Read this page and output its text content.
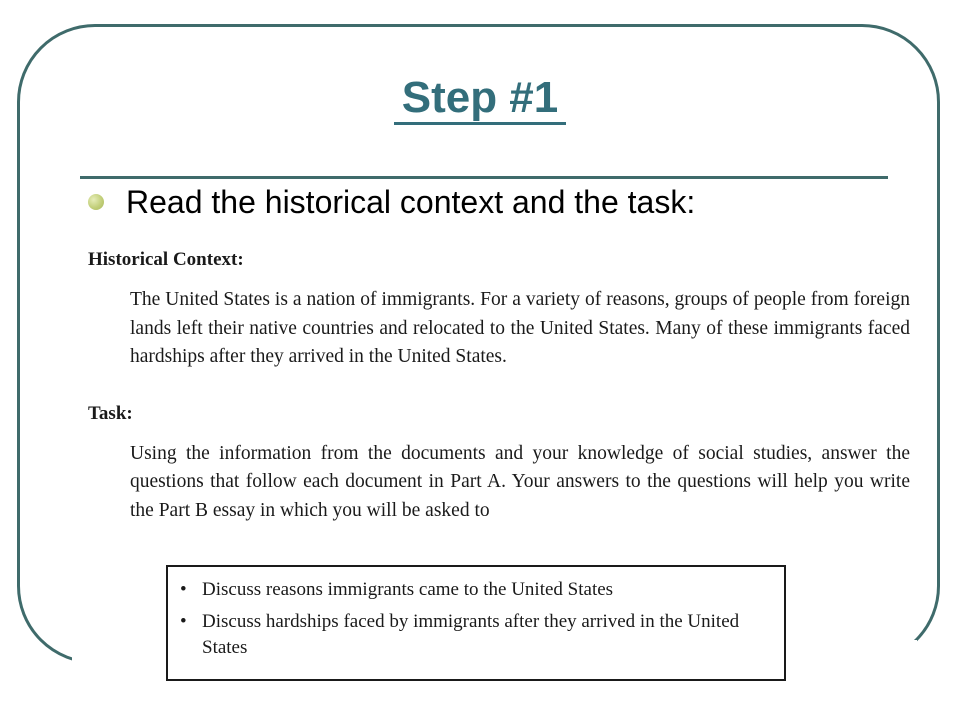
Step #1
Read the historical context and the task:

Historical Context:

The United States is a nation of immigrants. For a variety of reasons, groups of people from foreign lands left their native countries and relocated to the United States. Many of these immigrants faced hardships after they arrived in the United States.

Task:

Using the information from the documents and your knowledge of social studies, answer the questions that follow each document in Part A. Your answers to the questions will help you write the Part B essay in which you will be asked to

• Discuss reasons immigrants came to the United States
• Discuss hardships faced by immigrants after they arrived in the United States
